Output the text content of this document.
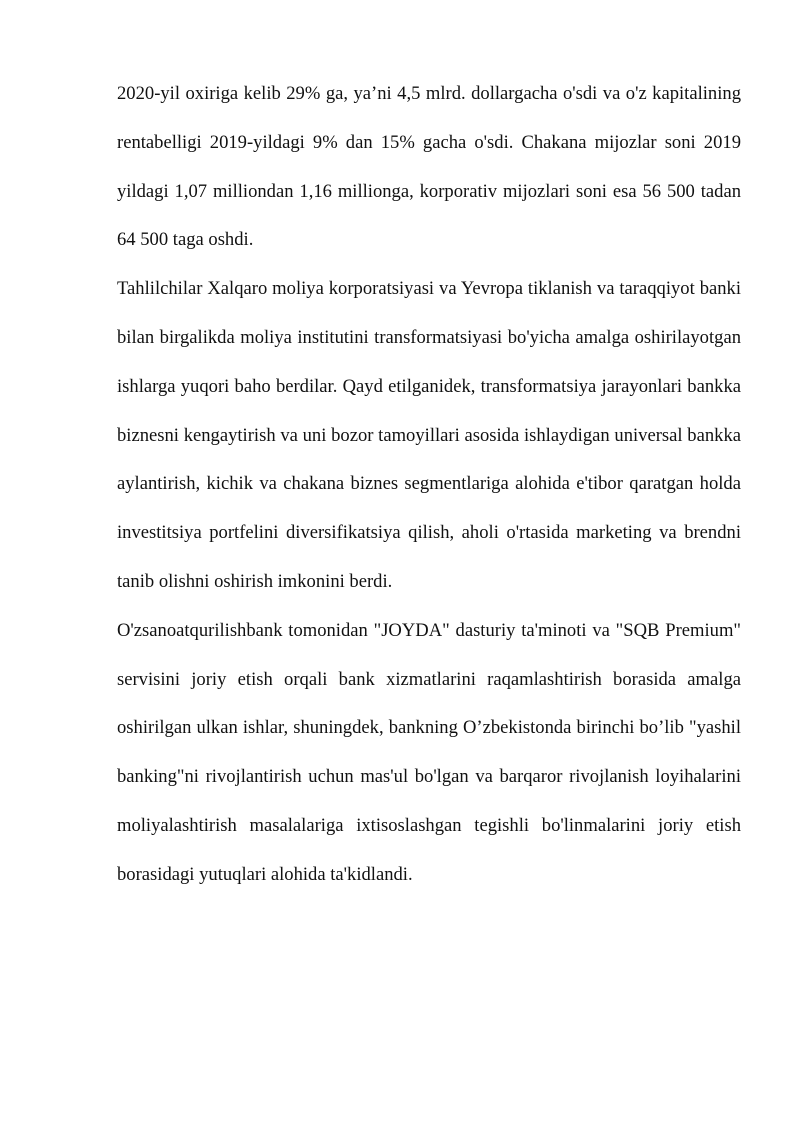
2020-yil oxiriga kelib 29% ga, ya’ni 4,5 mlrd. dollargacha o'sdi va o'z kapitalining rentabelligi 2019-yildagi 9% dan 15% gacha o'sdi. Chakana mijozlar soni 2019 yildagi 1,07 milliondan 1,16 millionga, korporativ mijozlari soni esa 56 500 tadan 64 500 taga oshdi.

Tahlilchilar Xalqaro moliya korporatsiyasi va Yevropa tiklanish va taraqqiyot banki bilan birgalikda moliya institutini transformatsiyasi bo'yicha amalga oshirilayotgan ishlarga yuqori baho berdilar. Qayd etilganidek, transformatsiya jarayonlari bankka biznesni kengaytirish va uni bozor tamoyillari asosida ishlaydigan universal bankka aylantirish, kichik va chakana biznes segmentlariga alohida e'tibor qaratgan holda investitsiya portfelini diversifikatsiya qilish, aholi o'rtasida marketing va brendni tanib olishni oshirish imkonini berdi.

O'zsanoatqurilishbank tomonidan "JOYDA" dasturiy ta'minoti va "SQB Premium" servisini joriy etish orqali bank xizmatlarini raqamlashtirish borasida amalga oshirilgan ulkan ishlar, shuningdek, bankning O’zbekistonda birinchi bo’lib "yashil banking"ni rivojlantirish uchun mas'ul bo'lgan va barqaror rivojlanish loyihalarini moliyalashtirish masalalariga ixtisoslashgan tegishli bo'linmalarini joriy etish borasidagi yutuqlari alohida ta'kidlandi.
